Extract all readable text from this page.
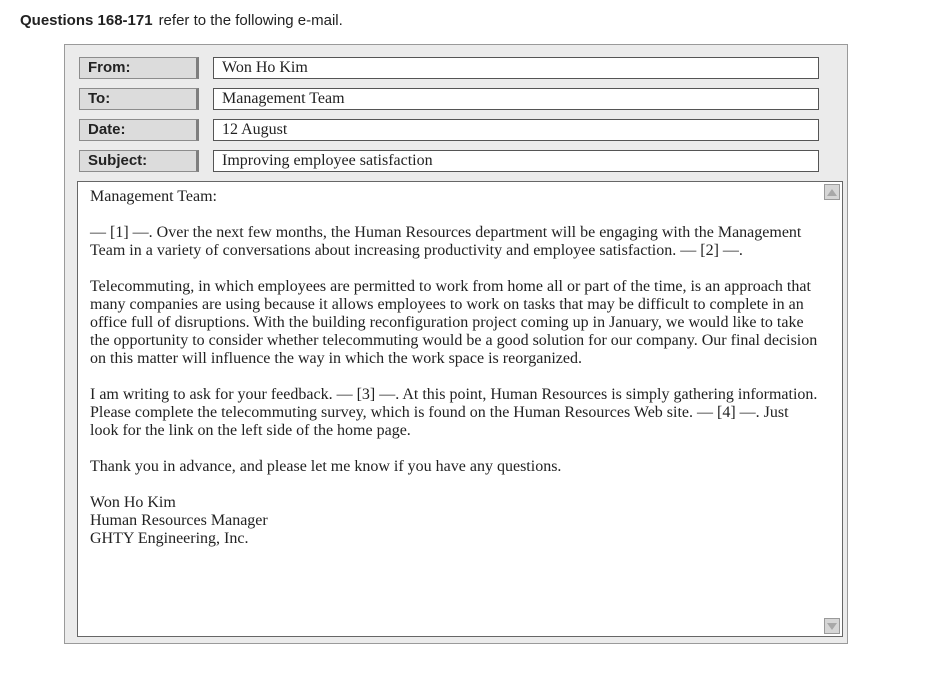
Questions 168-171 refer to the following e-mail.
From:	Won Ho Kim
To:	Management Team
Date:	12 August
Subject:	Improving employee satisfaction

Management Team:

— [1] —. Over the next few months, the Human Resources department will be engaging with the Management Team in a variety of conversations about increasing productivity and employee satisfaction. — [2] —.

Telecommuting, in which employees are permitted to work from home all or part of the time, is an approach that many companies are using because it allows employees to work on tasks that may be difficult to complete in an office full of disruptions. With the building reconfiguration project coming up in January, we would like to take the opportunity to consider whether telecommuting would be a good solution for our company. Our final decision on this matter will influence the way in which the work space is reorganized.

I am writing to ask for your feedback. — [3] —. At this point, Human Resources is simply gathering information. Please complete the telecommuting survey, which is found on the Human Resources Web site. — [4] —. Just look for the link on the left side of the home page.

Thank you in advance, and please let me know if you have any questions.

Won Ho Kim

Human Resources Manager

GHTY Engineering, Inc.
